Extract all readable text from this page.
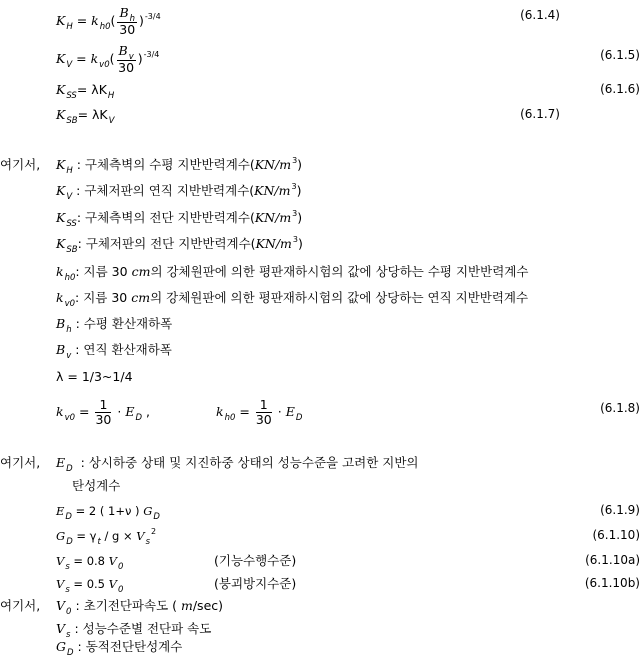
$K_H = k_{h0}( \frac{B_h}{30} )^{-3/4}$	(6.1.4)
$K_V = k_{v0}( \frac{B_v}{30} )^{-3/4}$	(6.1.5)
$K_{SS}= \lambda K_H$	(6.1.6)
$K_{SB}= \lambda K_V$	(6.1.7)
여기서, $K_H$ : 구체측벽의 수평 지반반력계수$(KN/m^3)$
$K_V$ : 구체저판의 연직 지반반력계수$(KN/m^3)$
$K_{SS}$: 구체측벽의 전단 지반반력계수$(KN/m^3)$
$K_{SB}$: 구체저판의 전단 지반반력계수$(KN/m^3)$
$k_{h0}$: 지름 30 cm의 강체원판에 의한 평판재하시험의 값에 상당하는 수평 지반반력계수
$k_{v0}$: 지름 30 cm의 강체원판에 의한 평판재하시험의 값에 상당하는 연직 지반반력계수
$B_h$ : 수평 환산재하폭
$B_v$ : 연직 환산재하폭
λ = 1/3~1/4
$k_{v0} = \frac{1}{30} \cdot E_D$ ,	$k_{h0} = \frac{1}{30} \cdot E_D$
(6.1.8)
여기서, $E_D$ : 상시하중 상태 및 지진하중 상태의 성능수준을 고려한 지반의
탄성계수
$E_D = 2$ ( 1+ν ) $G_D$	(6.1.9)
$G_D = \gamma_t / g \times V_s^2$	(6.1.10)
$V_s = 0.8$ $V_0$	(기능수행수준)	(6.1.10a)
$V_s = 0.5$ $V_0$	(붕괴방지수준)	(6.1.10b)
여기서, $V_0$ : 초기전단파속도 ( m/sec)
$V_s$ : 성능수준별 전단파 속도
$G_D$ : 동적전단탄성계수
